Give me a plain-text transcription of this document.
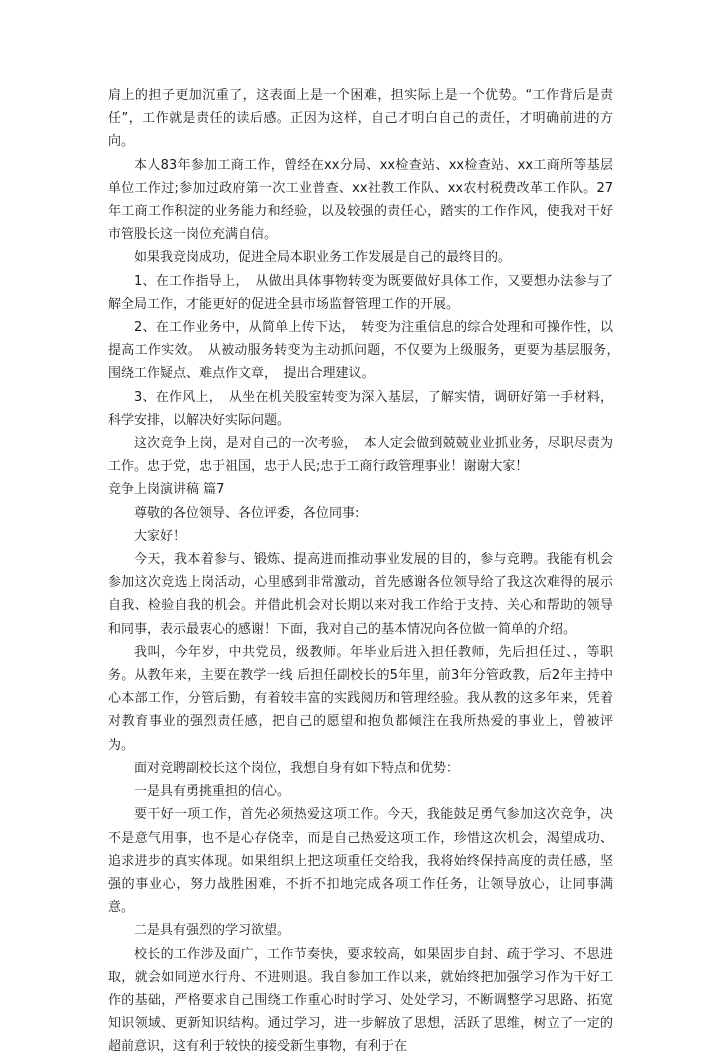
肩上的担子更加沉重了，这表面上是一个困难，担实际上是一个优势。“工作背后是责任”，工作就是责任的读后感。正因为这样，自己才明白自己的责任，才明确前进的方向。

本人83年参加工商工作，曾经在xx分局、xx检查站、xx检查站、xx工商所等基层单位工作过;参加过政府第一次工业普查、xx社教工作队、xx农村税费改革工作队。27年工商工作积淀的业务能力和经验，以及较强的责任心，踏实的工作作风，使我对干好市管股长这一岗位充满自信。

如果我竞岗成功，促进全局本职业务工作发展是自己的最终目的。

1、在工作指导上，　从做出具体事物转变为既要做好具体工作，又要想办法参与了解全局工作，才能更好的促进全县市场监督管理工作的开展。

2、在工作业务中，从简单上传下达，　转变为注重信息的综合处理和可操作性，以提高工作实效。　从被动服务转变为主动抓问题，不仅要为上级服务，更要为基层服务，　围绕工作疑点、难点作文章，　提出合理建议。

3、在作风上，　从坐在机关股室转变为深入基层，了解实情，调研好第一手材料，科学安排，以解决好实际问题。

这次竞争上岗，是对自己的一次考验，　本人定会做到兢兢业业抓业务，尽职尽责为工作。忠于党，忠于祖国，忠于人民;忠于工商行政管理事业！谢谢大家！

竞争上岗演讲稿 篇7

尊敬的各位领导、各位评委，各位同事:

大家好！

今天，我本着参与、锻炼、提高进而推动事业发展的目的，参与竞聘。我能有机会参加这次竞选上岗活动，心里感到非常激动，首先感谢各位领导给了我这次难得的展示自我、检验自我的机会。并借此机会对长期以来对我工作给于支持、关心和帮助的领导和同事，表示最衷心的感谢！下面，我对自己的基本情况向各位做一简单的介绍。

我叫，今年岁，中共党员，级教师。年毕业后进入担任教师，先后担任过、，等职务。从教年来，主要在教学一线 后担任副校长的5年里，前3年分管政教，后2年主持中心本部工作，分管后勤，有着较丰富的实践阅历和管理经验。我从教的这多年来，凭着对教育事业的强烈责任感，把自己的愿望和抱负都倾注在我所热爱的事业上，曾被评为。

面对竞聘副校长这个岗位，我想自身有如下特点和优势：

一是具有勇挑重担的信心。

要干好一项工作，首先必须热爱这项工作。今天，我能鼓足勇气参加这次竞争，决不是意气用事，也不是心存侥幸，而是自己热爱这项工作，珍惜这次机会，渴望成功、追求进步的真实体现。如果组织上把这项重任交给我，我将始终保持高度的责任感，坚强的事业心，努力战胜困难，不折不扣地完成各项工作任务，让领导放心，让同事满意。

二是具有强烈的学习欲望。

校长的工作涉及面广，工作节奏快，要求较高，如果固步自封、疏于学习、不思进取，就会如同逆水行舟、不进则退。我自参加工作以来，就始终把加强学习作为干好工作的基础，严格要求自己围绕工作重心时时学习、处处学习，不断调整学习思路、拓宽知识领域、更新知识结构。通过学习，进一步解放了思想，活跃了思维，树立了一定的超前意识，这有利于较快的接受新生事物，有利于在
